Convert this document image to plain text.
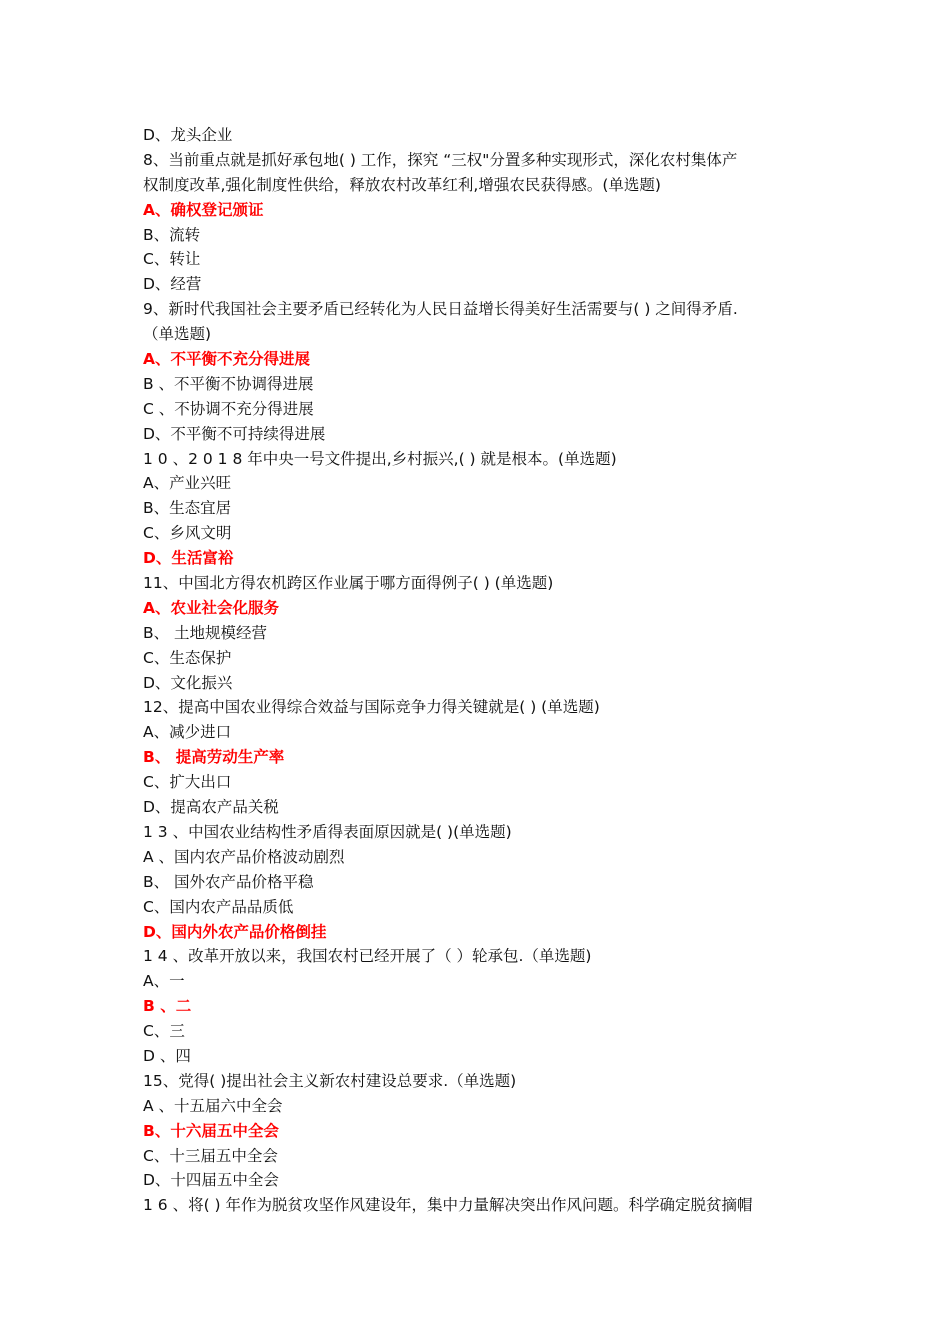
D、龙头企业
8、当前重点就是抓好承包地( ) 工作，探究 “三权"分置多种实现形式，深化农村集体产
权制度改革,强化制度性供给，释放农村改革红利,增强农民获得感。(单选题)
A、确权登记颁证
B、流转
C、转让
D、经营
9、新时代我国社会主要矛盾已经转化为人民日益增长得美好生活需要与( ) 之间得矛盾.
（单选题)
A、不平衡不充分得进展
B 、不平衡不协调得进展
C 、不协调不充分得进展
D、不平衡不可持续得进展
1 0 、2 0 1 8 年中央一号文件提出,乡村振兴,( ) 就是根本。(单选题)
A、产业兴旺
B、生态宜居
C、乡风文明
D、生活富裕
11、中国北方得农机跨区作业属于哪方面得例子( ) (单选题)
A、农业社会化服务
B、 土地规模经营
C、生态保护
D、文化振兴
12、提高中国农业得综合效益与国际竞争力得关键就是( ) (单选题)
A、减少进口
B、 提高劳动生产率
C、扩大出口
D、提高农产品关税
1 3 、中国农业结构性矛盾得表面原因就是( )(单选题)
A 、国内农产品价格波动剧烈
B、 国外农产品价格平稳
C、国内农产品品质低
D、国内外农产品价格倒挂
1 4 、改革开放以来，我国农村已经开展了（ ）轮承包.（单选题)
A、一
B 、二
C、三
D 、四
15、党得( )提出社会主义新农村建设总要求.（单选题)
A 、十五届六中全会
B、十六届五中全会
C、十三届五中全会
D、十四届五中全会
1 6 、将( ) 年作为脱贫攻坚作风建设年，集中力量解决突出作风问题。科学确定脱贫摘帽
